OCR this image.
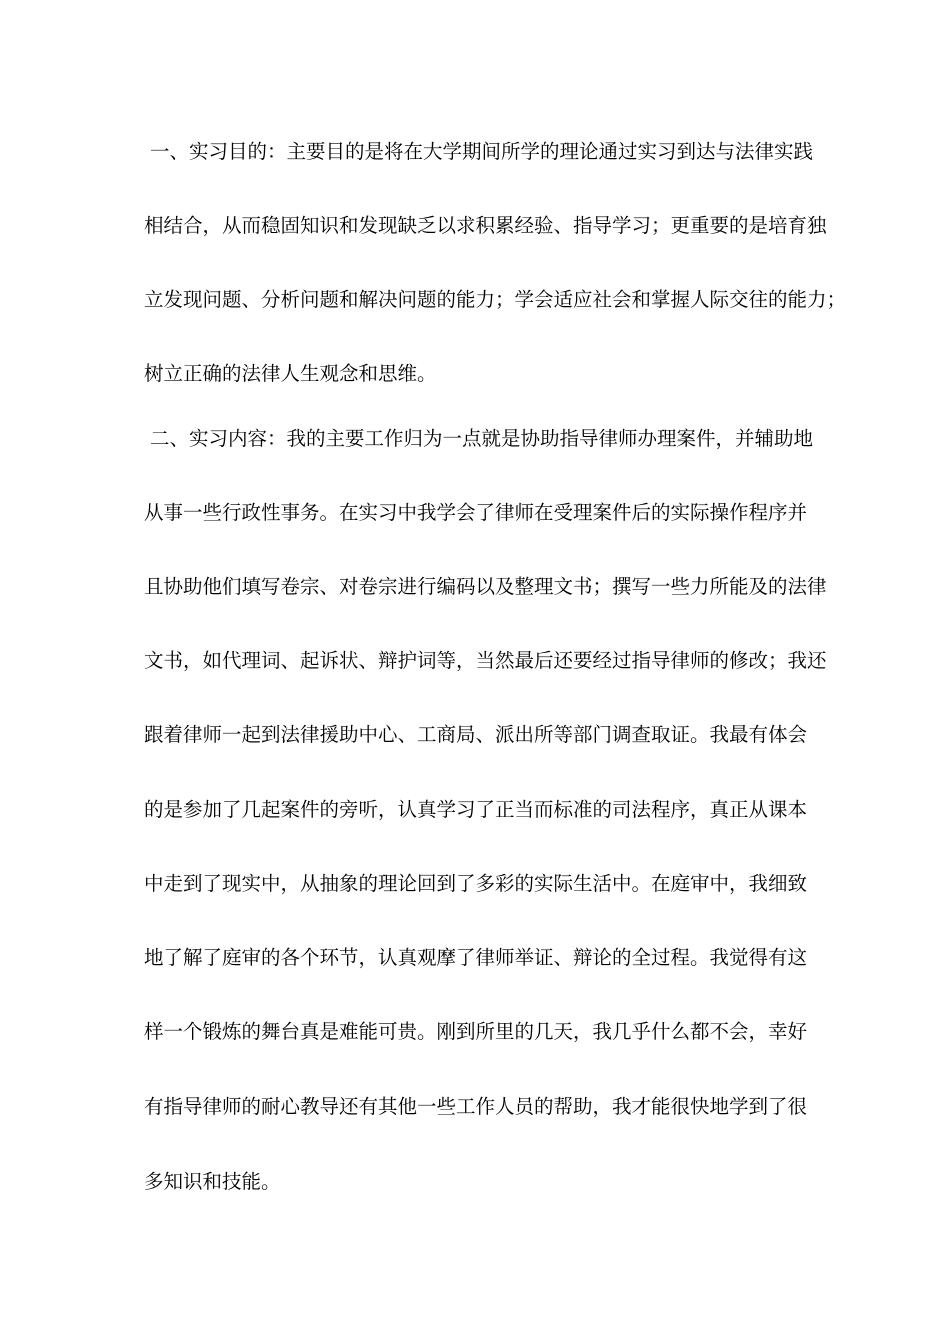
一、实习目的：主要目的是将在大学期间所学的理论通过实习到达与法律实践
相结合，从而稳固知识和发现缺乏以求积累经验、指导学习；更重要的是培育独
立发现问题、分析问题和解决问题的能力；学会适应社会和掌握人际交往的能力；
树立正确的法律人生观念和思维。
二、实习内容：我的主要工作归为一点就是协助指导律师办理案件，并辅助地
从事一些行政性事务。在实习中我学会了律师在受理案件后的实际操作程序并
且协助他们填写卷宗、对卷宗进行编码以及整理文书；撰写一些力所能及的法律
文书，如代理词、起诉状、辩护词等，当然最后还要经过指导律师的修改；我还
跟着律师一起到法律援助中心、工商局、派出所等部门调查取证。我最有体会
的是参加了几起案件的旁听，认真学习了正当而标准的司法程序，真正从课本
中走到了现实中，从抽象的理论回到了多彩的实际生活中。在庭审中，我细致
地了解了庭审的各个环节，认真观摩了律师举证、辩论的全过程。我觉得有这
样一个锻炼的舞台真是难能可贵。刚到所里的几天，我几乎什么都不会，幸好
有指导律师的耐心教导还有其他一些工作人员的帮助，我才能很快地学到了很
多知识和技能。
